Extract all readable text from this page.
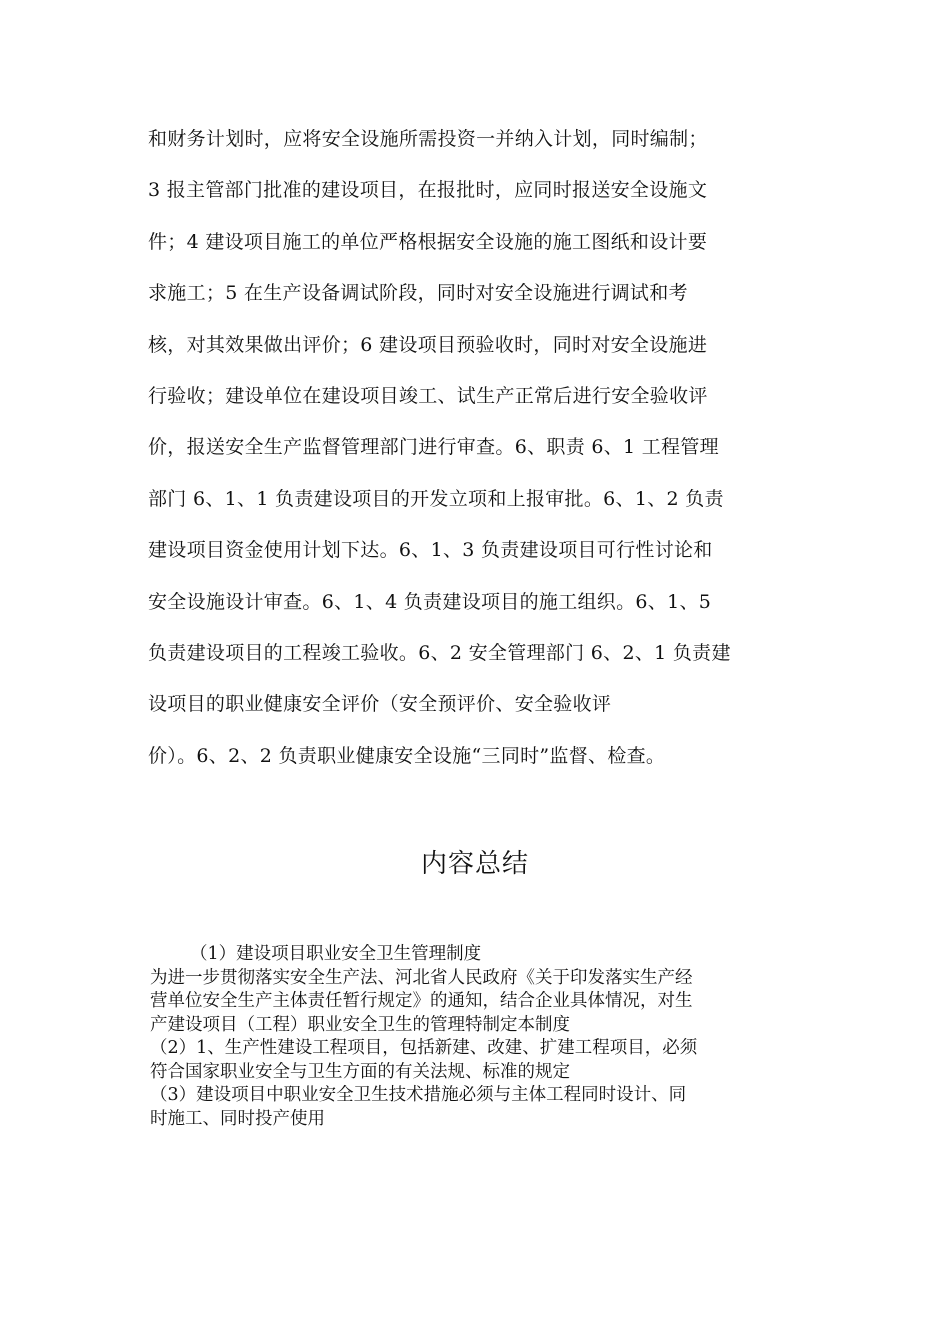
和财务计划时，应将安全设施所需投资一并纳入计划，同时编制；
3 报主管部门批准的建设项目，在报批时，应同时报送安全设施文
件；4 建设项目施工的单位严格根据安全设施的施工图纸和设计要
求施工；5 在生产设备调试阶段，同时对安全设施进行调试和考
核，对其效果做出评价；6 建设项目预验收时，同时对安全设施进
行验收；建设单位在建设项目竣工、试生产正常后进行安全验收评
价，报送安全生产监督管理部门进行审查。6、职责 6、1 工程管理
部门 6、1、1 负责建设项目的开发立项和上报审批。6、1、2 负责
建设项目资金使用计划下达。6、1、3 负责建设项目可行性讨论和
安全设施设计审查。6、1、4 负责建设项目的施工组织。6、1、5
负责建设项目的工程竣工验收。6、2 安全管理部门 6、2、1 负责建
设项目的职业健康安全评价（安全预评价、安全验收评
价）。6、2、2 负责职业健康安全设施“三同时”监督、检查。
内容总结
（1）建设项目职业安全卫生管理制度
为进一步贯彻落实安全生产法、河北省人民政府《关于印发落实生产经
营单位安全生产主体责任暂行规定》的通知，结合企业具体情况，对生
产建设项目（工程）职业安全卫生的管理特制定本制度
（2）1、生产性建设工程项目，包括新建、改建、扩建工程项目，必须
符合国家职业安全与卫生方面的有关法规、标准的规定
（3）建设项目中职业安全卫生技术措施必须与主体工程同时设计、同
时施工、同时投产使用
